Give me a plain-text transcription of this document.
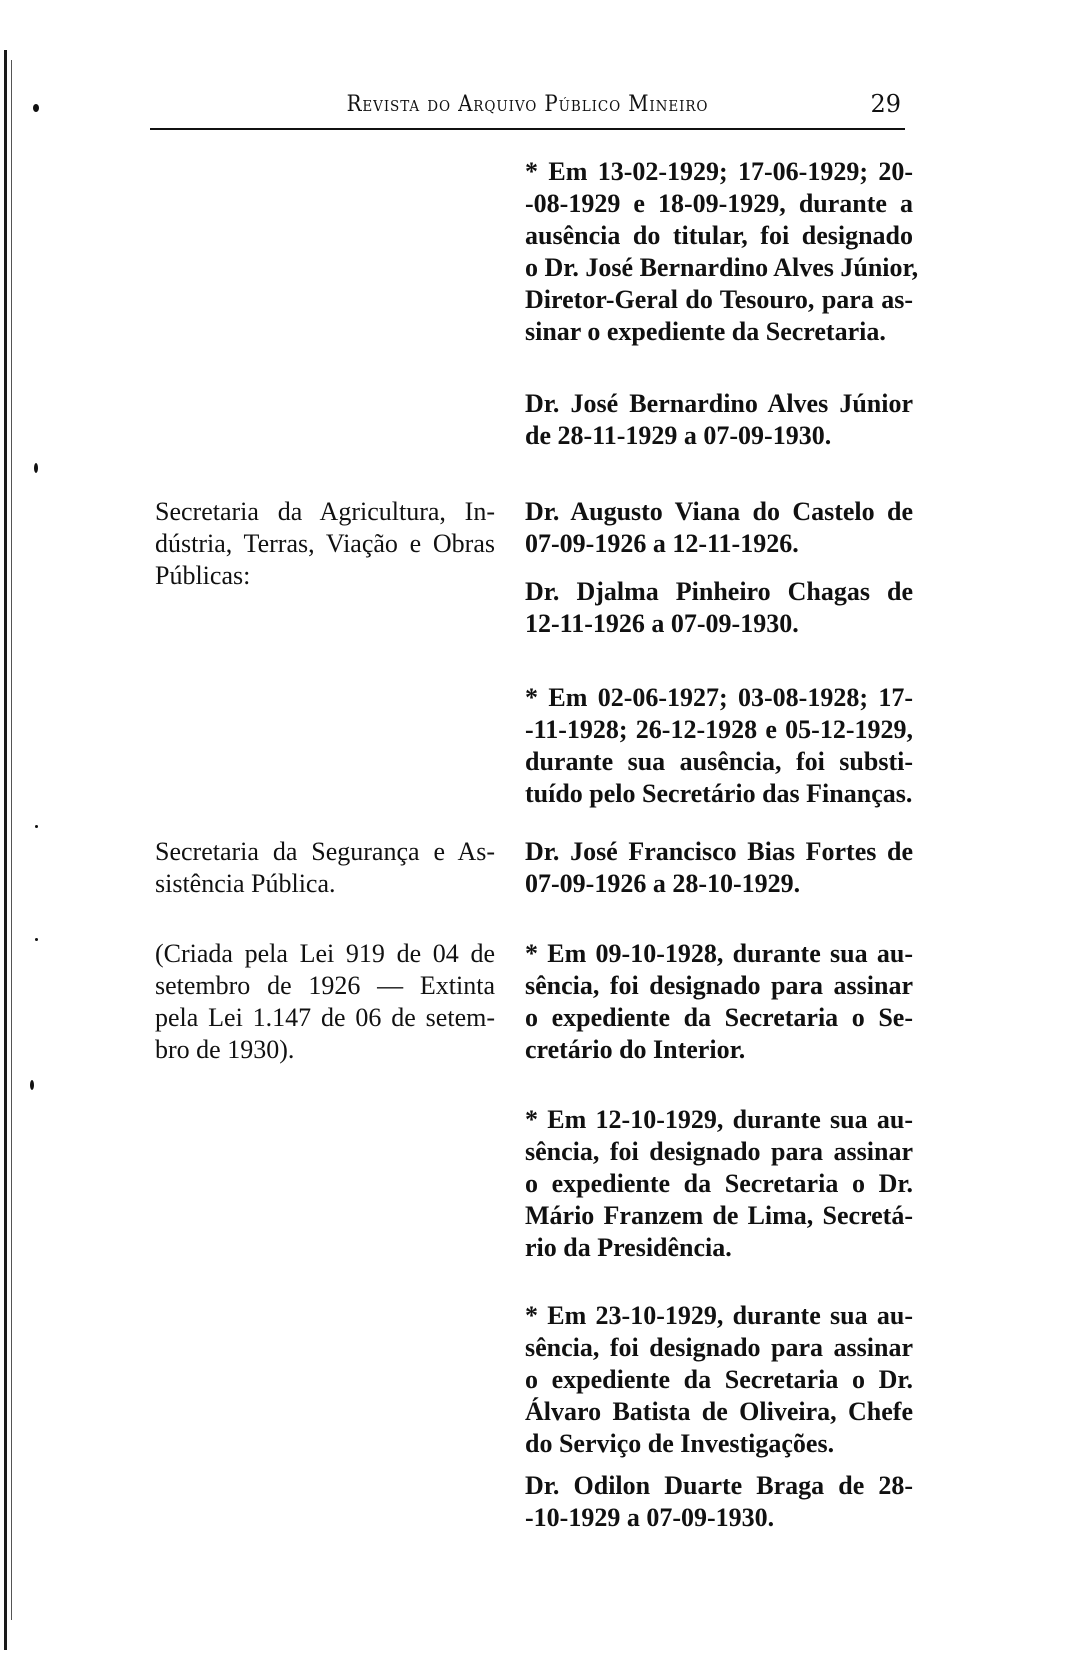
Revista do Arquivo Público Mineiro	29
Secretaria da Agricultura, In-
dústria, Terras, Viação e Obras
Públicas:
Secretaria da Segurança e As-
sistência Pública.
(Criada pela Lei 919 de 04 de
setembro de 1926 — Extinta
pela Lei 1.147 de 06 de setem-
bro de 1930).
* Em 13-02-1929; 17-06-1929; 20-
-08-1929 e 18-09-1929, durante a
ausência do titular, foi designado
o Dr. José Bernardino Alves Júnior,
Diretor-Geral do Tesouro, para as-
sinar o expediente da Secretaria.
Dr. José Bernardino Alves Júnior
de 28-11-1929 a 07-09-1930.
Dr. Augusto Viana do Castelo de
07-09-1926 a 12-11-1926.
Dr. Djalma Pinheiro Chagas de
12-11-1926 a 07-09-1930.
* Em 02-06-1927; 03-08-1928; 17-
-11-1928; 26-12-1928 e 05-12-1929,
durante sua ausência, foi substi-
tuído pelo Secretário das Finanças.
Dr. José Francisco Bias Fortes de
07-09-1926 a 28-10-1929.
* Em 09-10-1928, durante sua au-
sência, foi designado para assinar
o expediente da Secretaria o Se-
cretário do Interior.
* Em 12-10-1929, durante sua au-
sência, foi designado para assinar
o expediente da Secretaria o Dr.
Mário Franzem de Lima, Secretá-
rio da Presidência.
* Em 23-10-1929, durante sua au-
sência, foi designado para assinar
o expediente da Secretaria o Dr.
Álvaro Batista de Oliveira, Chefe
do Serviço de Investigações.
Dr. Odilon Duarte Braga de 28-
-10-1929 a 07-09-1930.
